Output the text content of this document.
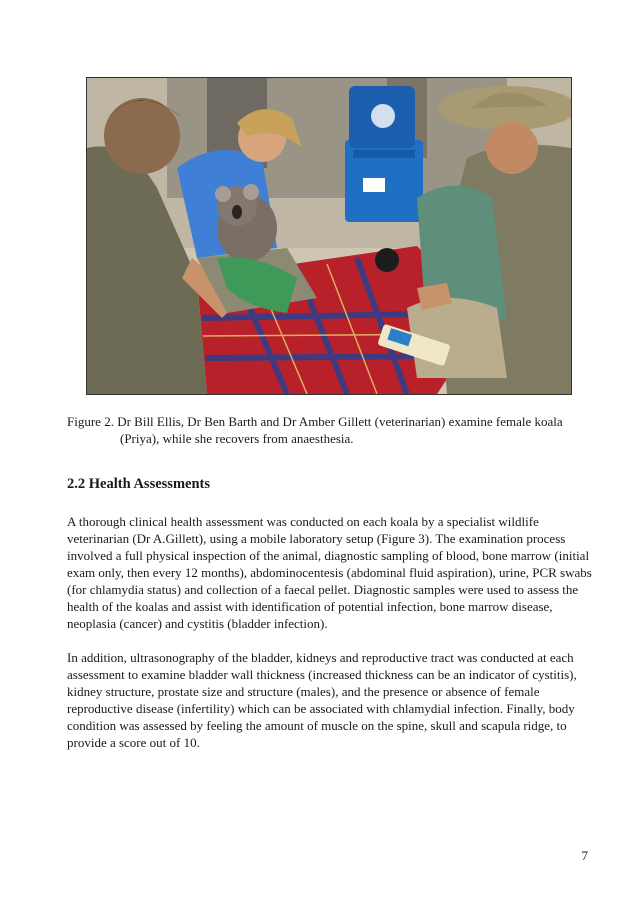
Figure 2. Dr Bill Ellis, Dr Ben Barth and Dr Amber Gillett (veterinarian) examine female koala
(Priya), while she recovers from anaesthesia.

2.2 Health Assessments

A thorough clinical health assessment was conducted on each koala by a specialist wildlife veterinarian (Dr A.Gillett), using a mobile laboratory setup (Figure 3). The examination process involved a full physical inspection of the animal, diagnostic sampling of blood, bone marrow (initial exam only, then every 12 months), abdominocentesis (abdominal fluid aspiration), urine, PCR swabs (for chlamydia status) and collection of a faecal pellet. Diagnostic samples were used to assess the health of the koalas and assist with identification of potential infection, bone marrow disease, neoplasia (cancer) and cystitis (bladder infection).

In addition, ultrasonography of the bladder, kidneys and reproductive tract was conducted at each assessment to examine bladder wall thickness (increased thickness can be an indicator of cystitis), kidney structure, prostate size and structure (males), and the presence or absence of female reproductive disease (infertility) which can be associated with chlamydial infection. Finally, body condition was assessed by feeling the amount of muscle on the spine, skull and scapula ridge, to provide a score out of 10.

7
